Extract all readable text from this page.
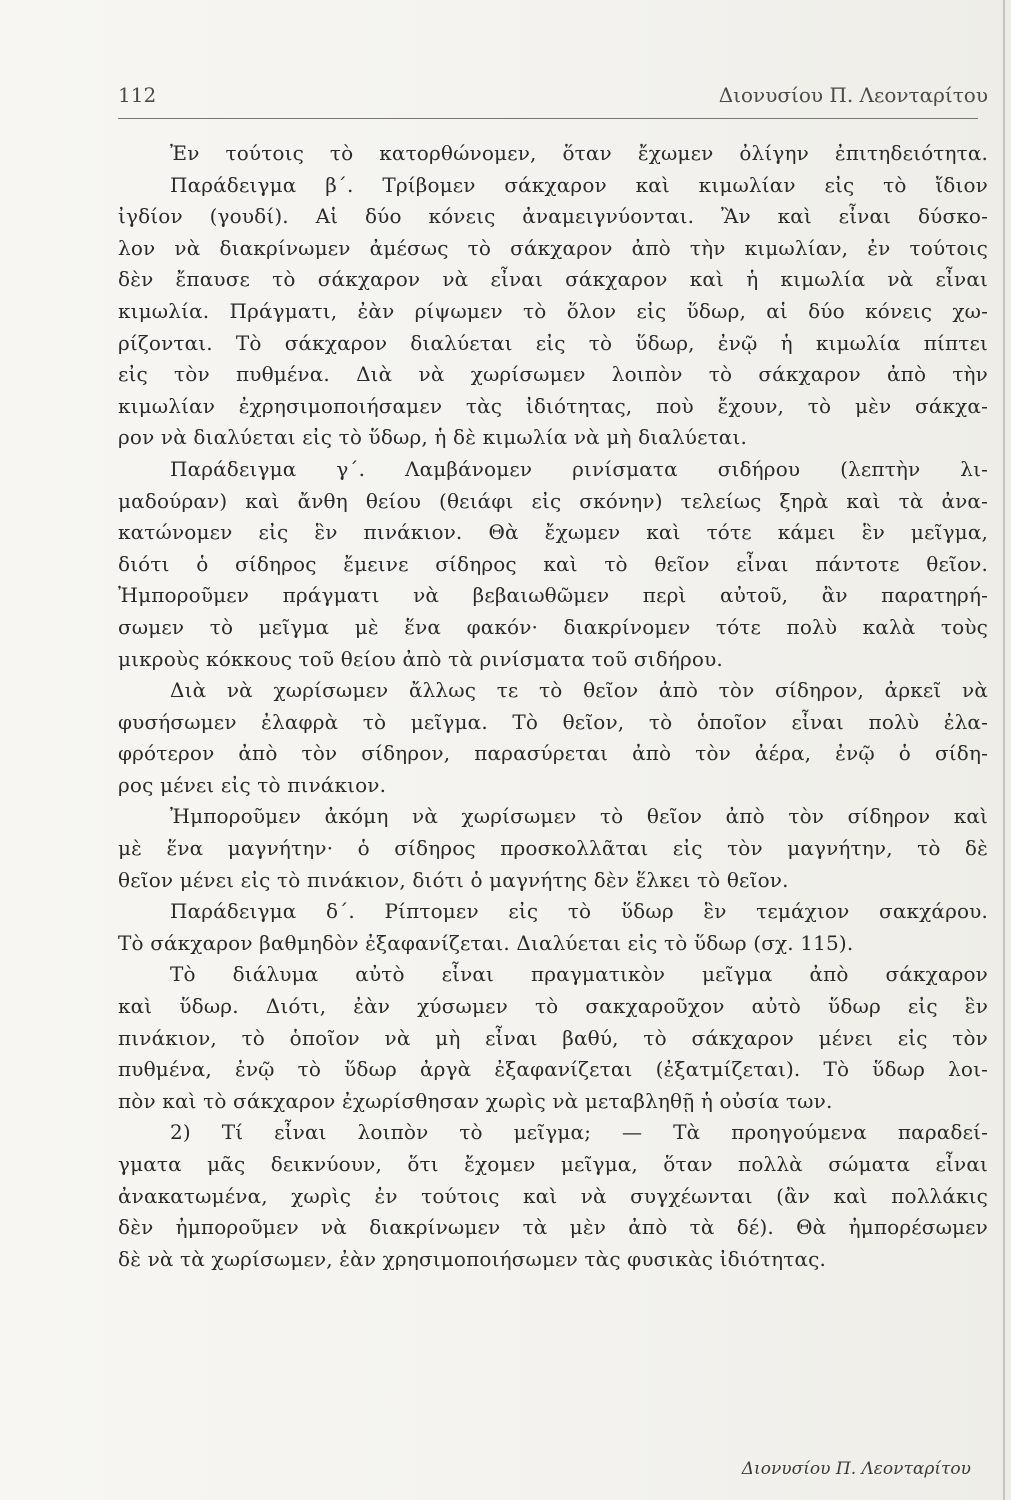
112	Διονυσίου Π. Λεονταρίτου
Ἐν τούτοις τὸ κατορθώνομεν, ὅταν ἔχωμεν ὀλίγην ἐπιτηδειότητα.
Παράδειγμα β΄. Τρίβομεν σάκχαρον καὶ κιμωλίαν εἰς τὸ ἴδιον
ἰγδίον (γουδί). Αἱ δύο κόνεις ἀναμειγνύονται. Ἂν καὶ εἶναι δύσκο-
λον νὰ διακρίνωμεν ἀμέσως τὸ σάκχαρον ἀπὸ τὴν κιμωλίαν, ἐν τούτοις
δὲν ἔπαυσε τὸ σάκχαρον νὰ εἶναι σάκχαρον καὶ ἡ κιμωλία νὰ εἶναι
κιμωλία. Πράγματι, ἐὰν ρίψωμεν τὸ ὅλον εἰς ὕδωρ, αἱ δύο κόνεις χω-
ρίζονται. Τὸ σάκχαρον διαλύεται εἰς τὸ ὕδωρ, ἐνῷ ἡ κιμωλία πίπτει
εἰς τὸν πυθμένα. Διὰ νὰ χωρίσωμεν λοιπὸν τὸ σάκχαρον ἀπὸ τὴν
κιμωλίαν ἐχρησιμοποιήσαμεν τὰς ἰδιότητας, ποὺ ἔχουν, τὸ μὲν σάκχα-
ρον νὰ διαλύεται εἰς τὸ ὕδωρ, ἡ δὲ κιμωλία νὰ μὴ διαλύεται.
Παράδειγμα γ΄. Λαμβάνομεν ρινίσματα σιδήρου (λεπτὴν λι-
μαδούραν) καὶ ἄνθη θείου (θειάφι εἰς σκόνην) τελείως ξηρὰ καὶ τὰ ἀνα-
κατώνομεν εἰς ἓν πινάκιον. Θὰ ἔχωμεν καὶ τότε κάμει ἓν μεῖγμα,
διότι ὁ σίδηρος ἔμεινε σίδηρος καὶ τὸ θεῖον εἶναι πάντοτε θεῖον.
Ἠμποροῦμεν πράγματι νὰ βεβαιωθῶμεν περὶ αὐτοῦ, ἂν παρατηρή-
σωμεν τὸ μεῖγμα μὲ ἕνα φακόν· διακρίνομεν τότε πολὺ καλὰ τοὺς
μικροὺς κόκκους τοῦ θείου ἀπὸ τὰ ρινίσματα τοῦ σιδήρου.
Διὰ νὰ χωρίσωμεν ἄλλως τε τὸ θεῖον ἀπὸ τὸν σίδηρον, ἀρκεῖ νὰ
φυσήσωμεν ἐλαφρὰ τὸ μεῖγμα. Τὸ θεῖον, τὸ ὁποῖον εἶναι πολὺ ἐλα-
φρότερον ἀπὸ τὸν σίδηρον, παρασύρεται ἀπὸ τὸν ἀέρα, ἐνῷ ὁ σίδη-
ρος μένει εἰς τὸ πινάκιον.
Ἠμποροῦμεν ἀκόμη νὰ χωρίσωμεν τὸ θεῖον ἀπὸ τὸν σίδηρον καὶ
μὲ ἕνα μαγνήτην· ὁ σίδηρος προσκολλᾶται εἰς τὸν μαγνήτην, τὸ δὲ
θεῖον μένει εἰς τὸ πινάκιον, διότι ὁ μαγνήτης δὲν ἕλκει τὸ θεῖον.
Παράδειγμα δ΄. Ρίπτομεν εἰς τὸ ὕδωρ ἓν τεμάχιον σακχάρου.
Τὸ σάκχαρον βαθμηδὸν ἐξαφανίζεται. Διαλύεται εἰς τὸ ὕδωρ (σχ. 115).
Τὸ διάλυμα αὐτὸ εἶναι πραγματικὸν μεῖγμα ἀπὸ σάκχαρον
καὶ ὕδωρ. Διότι, ἐὰν χύσωμεν τὸ σακχαροῦχον αὐτὸ ὕδωρ εἰς ἓν
πινάκιον, τὸ ὁποῖον νὰ μὴ εἶναι βαθύ, τὸ σάκχαρον μένει εἰς τὸν
πυθμένα, ἐνῷ τὸ ὕδωρ ἀργὰ ἐξαφανίζεται (ἐξατμίζεται). Τὸ ὕδωρ λοι-
πὸν καὶ τὸ σάκχαρον ἐχωρίσθησαν χωρὶς νὰ μεταβληθῇ ἡ οὐσία των.
2) Τί εἶναι λοιπὸν τὸ μεῖγμα; — Τὰ προηγούμενα παραδεί-
γματα μᾶς δεικνύουν, ὅτι ἔχομεν μεῖγμα, ὅταν πολλὰ σώματα εἶναι
ἀνακατωμένα, χωρὶς ἐν τούτοις καὶ νὰ συγχέωνται (ἂν καὶ πολλάκις
δὲν ἠμποροῦμεν νὰ διακρίνωμεν τὰ μὲν ἀπὸ τὰ δέ). Θὰ ἠμπορέσωμεν
δὲ νὰ τὰ χωρίσωμεν, ἐὰν χρησιμοποιήσωμεν τὰς φυσικὰς ἰδιότητας.
Διονυσίου Π. Λεονταρίτου
